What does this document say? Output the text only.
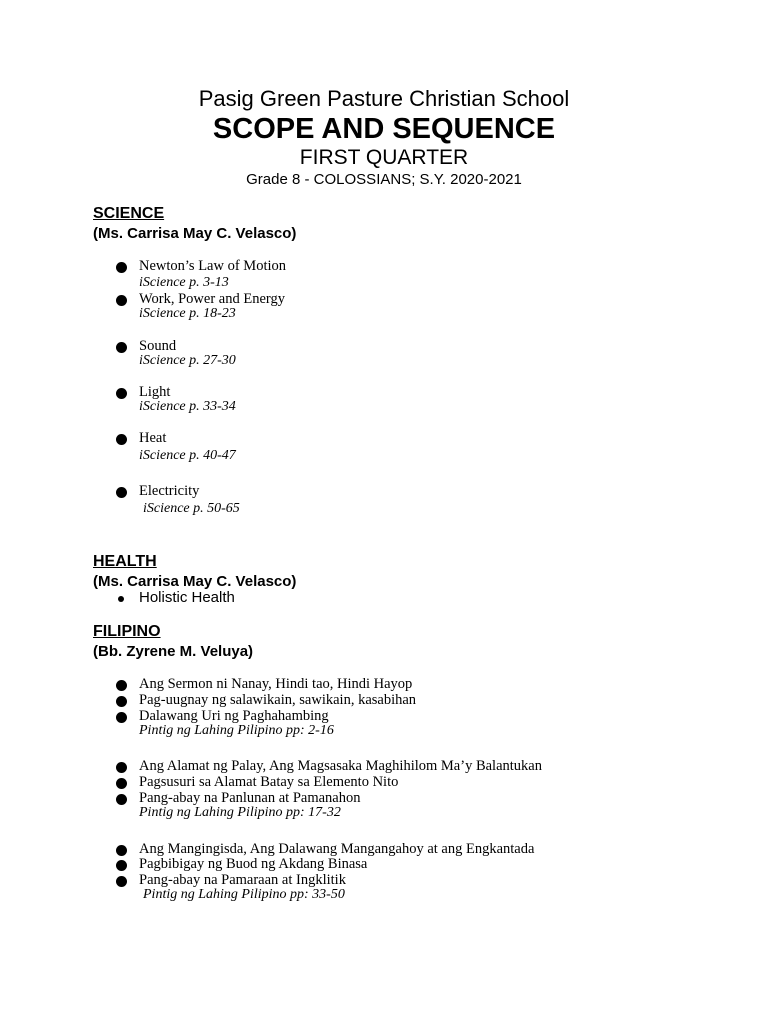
Pasig Green Pasture Christian School
SCOPE AND SEQUENCE
FIRST QUARTER
Grade 8 - COLOSSIANS; S.Y. 2020-2021
SCIENCE
(Ms. Carrisa May C. Velasco)
Newton’s Law of Motion
iScience p. 3-13
Work, Power and Energy
iScience p. 18-23
Sound
iScience p. 27-30
Light
iScience p. 33-34
Heat
iScience p. 40-47
Electricity
iScience p. 50-65
HEALTH
(Ms. Carrisa May C. Velasco)
Holistic Health
FILIPINO
(Bb. Zyrene M. Veluya)
Ang Sermon ni Nanay, Hindi tao, Hindi Hayop
Pag-uugnay ng salawikain, sawikain, kasabihan
Dalawang Uri ng Paghahambing
Pintig ng Lahing Pilipino pp: 2-16
Ang Alamat ng Palay, Ang Magsasaka Maghihilom Ma’y Balantukan
Pagsusuri sa Alamat Batay sa Elemento Nito
Pang-abay na Panlunan at Pamanahon
Pintig ng Lahing Pilipino pp: 17-32
Ang Mangingisda, Ang Dalawang Mangangahoy at ang Engkantada
Pagbibigay ng Buod ng Akdang Binasa
Pang-abay na Pamaraan at Ingklitik
Pintig ng Lahing Pilipino pp: 33-50
